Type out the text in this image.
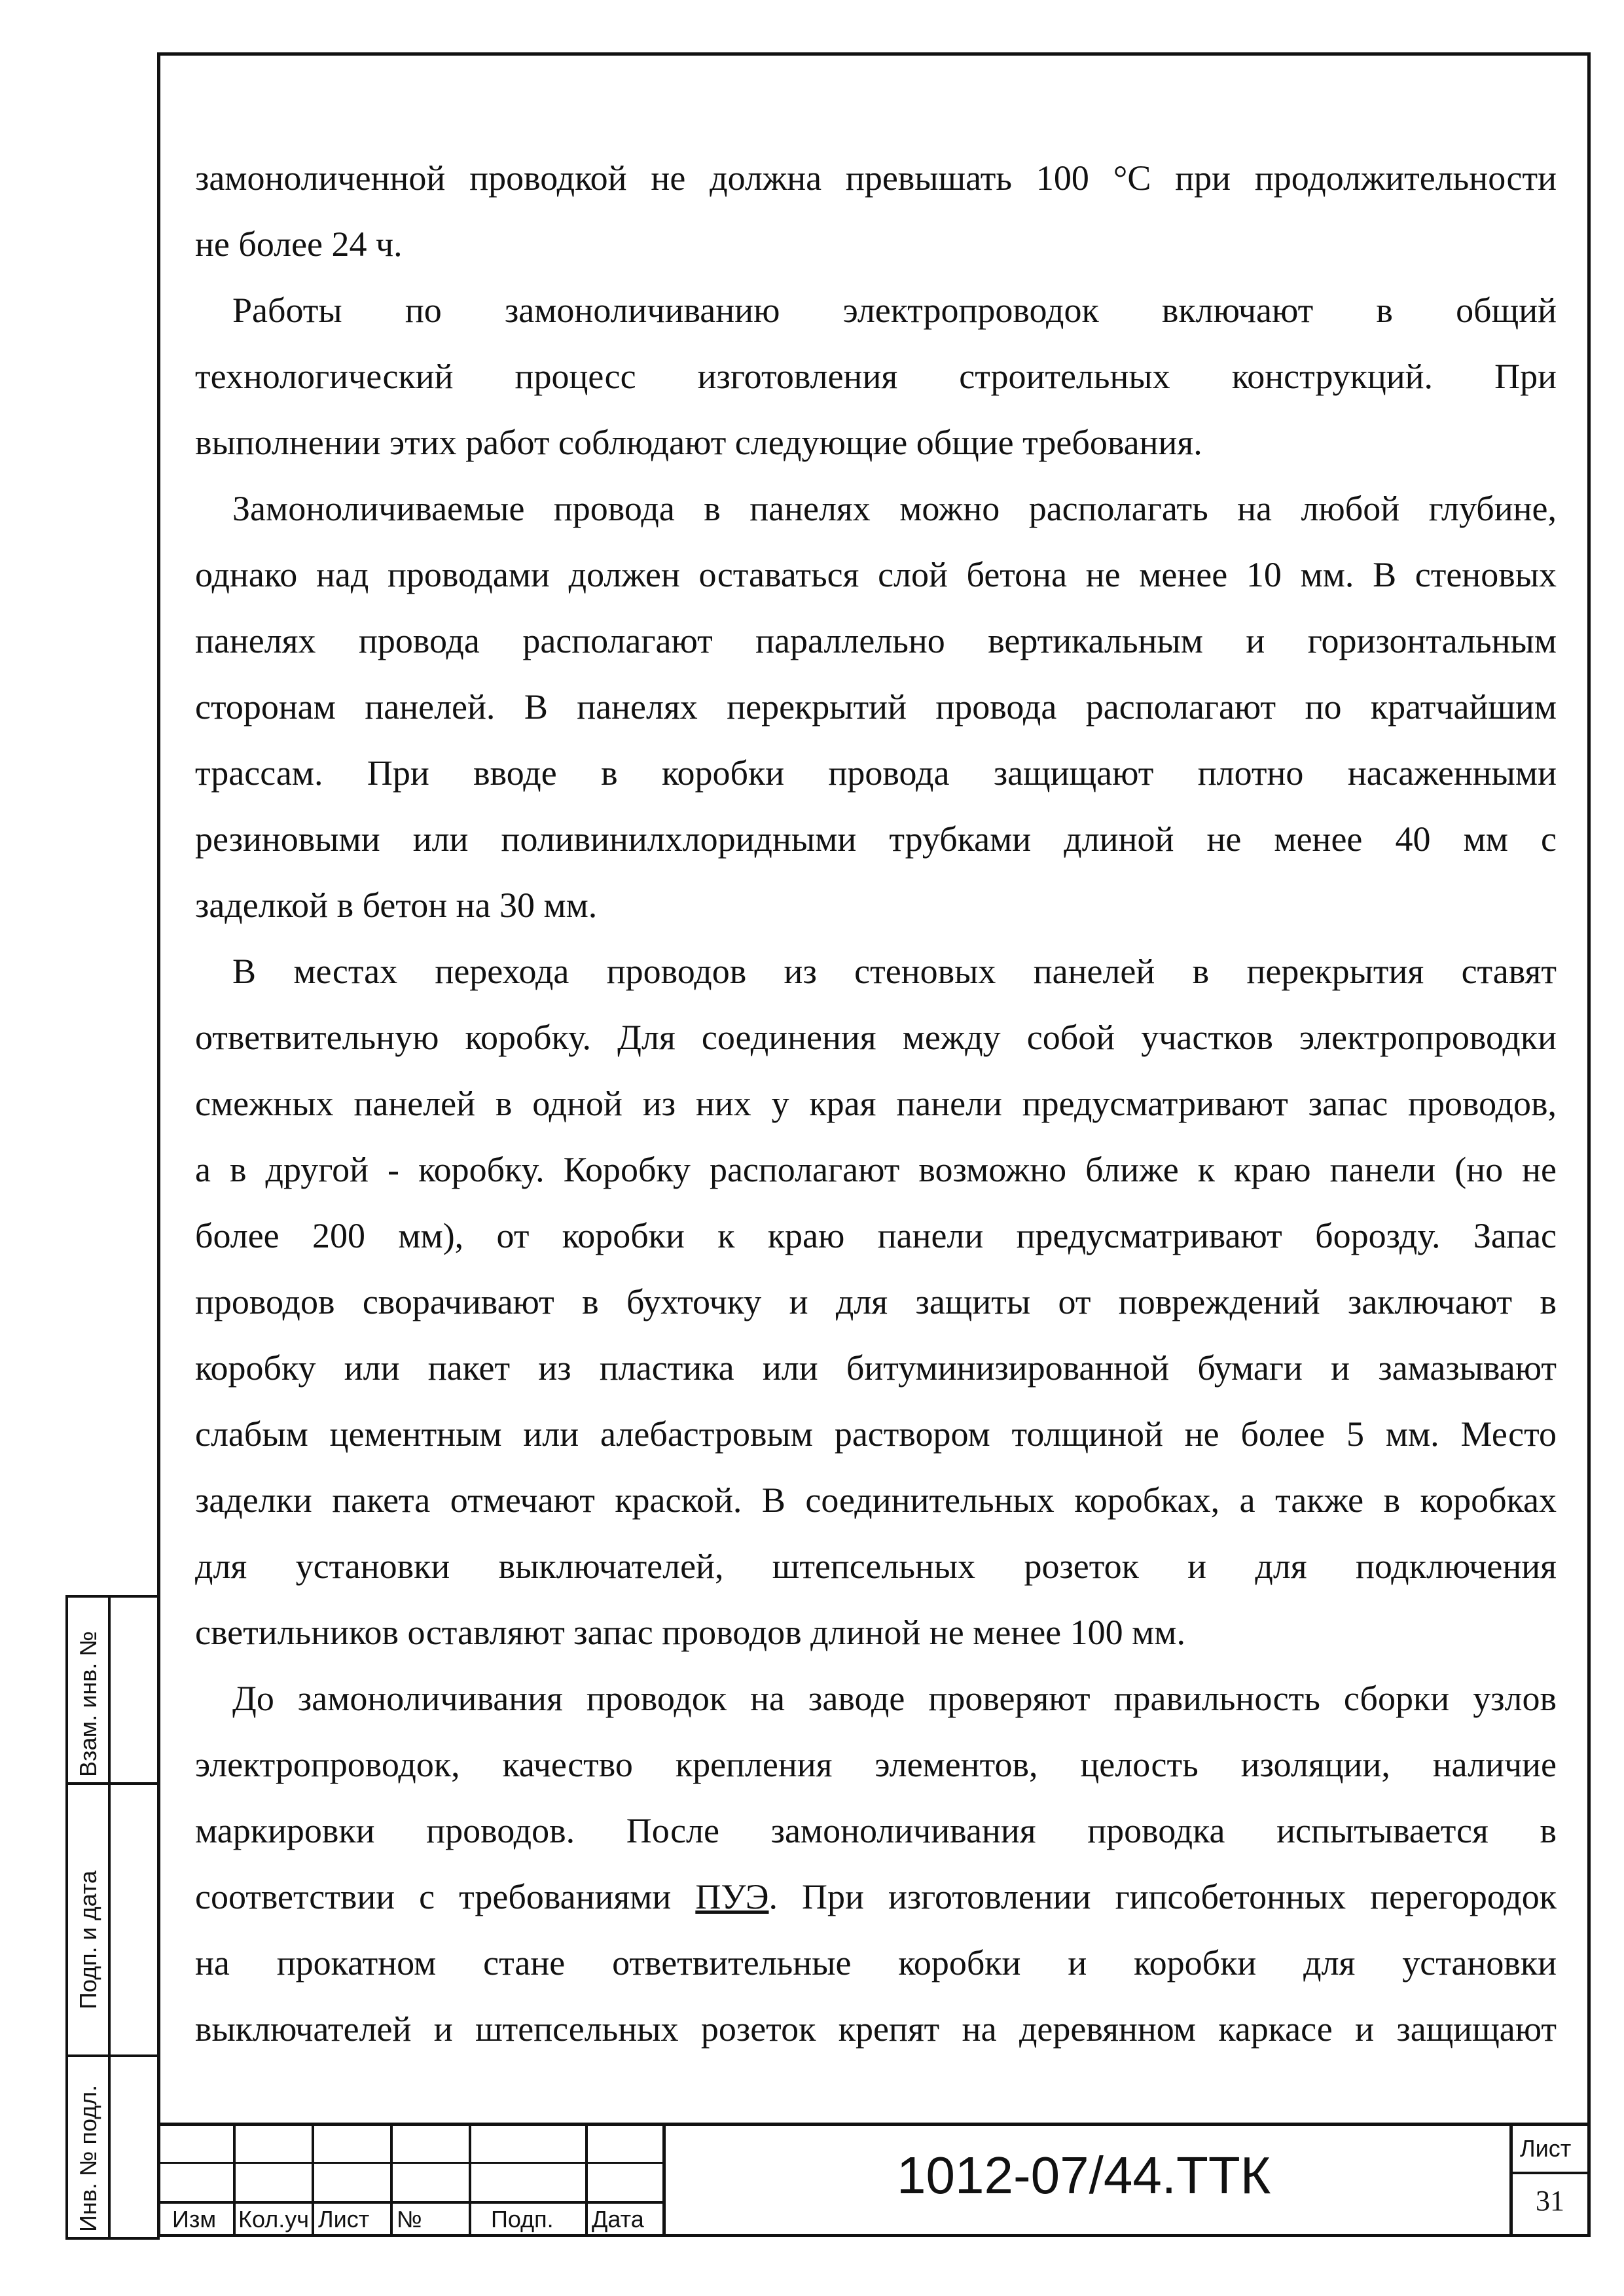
замоноличенной проводкой не должна превышать 100 °С при продолжительности
не более 24 ч.
Работы по замоноличиванию электропроводок включают в общий
технологический процесс изготовления строительных конструкций. При
выполнении этих работ соблюдают следующие общие требования.
Замоноличиваемые провода в панелях можно располагать на любой глубине,
однако над проводами должен оставаться слой бетона не менее 10 мм. В стеновых
панелях провода располагают параллельно вертикальным и горизонтальным
сторонам панелей. В панелях перекрытий провода располагают по кратчайшим
трассам. При вводе в коробки провода защищают плотно насаженными
резиновыми или поливинилхлоридными трубками длиной не менее 40 мм с
заделкой в бетон на 30 мм.
В местах перехода проводов из стеновых панелей в перекрытия ставят
ответвительную коробку. Для соединения между собой участков электропроводки
смежных панелей в одной из них у края панели предусматривают запас проводов,
а в другой - коробку. Коробку располагают возможно ближе к краю панели (но не
более 200 мм), от коробки к краю панели предусматривают борозду. Запас
проводов сворачивают в бухточку и для защиты от повреждений заключают в
коробку или пакет из пластика или битуминизированной бумаги и замазывают
слабым цементным или алебастровым раствором толщиной не более 5 мм. Место
заделки пакета отмечают краской. В соединительных коробках, а также в коробках
для установки выключателей, штепсельных розеток и для подключения
светильников оставляют запас проводов длиной не менее 100 мм.
До замоноличивания проводок на заводе проверяют правильность сборки узлов
электропроводок, качество крепления элементов, целость изоляции, наличие
маркировки проводов. После замоноличивания проводка испытывается в
соответствии с требованиями ПУЭ. При изготовлении гипсобетонных перегородок
на прокатном стане ответвительные коробки и коробки для установки
выключателей и штепсельных розеток крепят на деревянном каркасе и защищают
Взам. инв. №
Подп. и дата
Инв. № подл.	Изм Кол.уч Лист №	Подп. Дата
1012-07/44.ТТК	Лист
31
